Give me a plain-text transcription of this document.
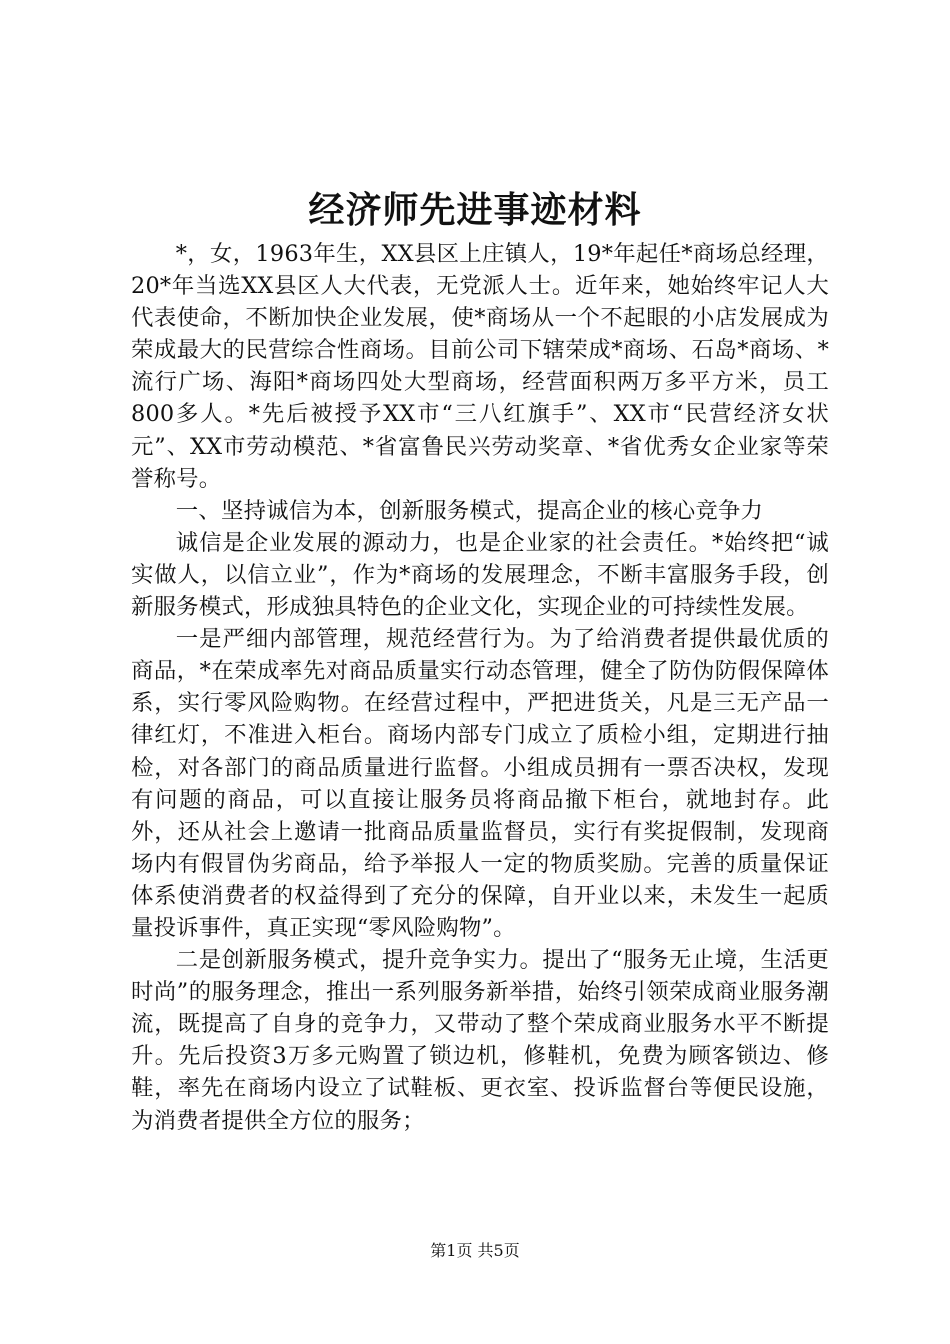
经济师先进事迹材料

*，女，1963年生，XX县区上庄镇人，19*年起任*商场总经理，20*年当选XX县区人大代表，无党派人士。近年来，她始终牢记人大代表使命，不断加快企业发展，使*商场从一个不起眼的小店发展成为荣成最大的民营综合性商场。目前公司下辖荣成*商场、石岛*商场、*流行广场、海阳*商场四处大型商场，经营面积两万多平方米，员工800多人。*先后被授予XX市“三八红旗手”、XX市“民营经济女状元”、XX市劳动模范、*省富鲁民兴劳动奖章、*省优秀女企业家等荣誉称号。

一、坚持诚信为本，创新服务模式，提高企业的核心竞争力

诚信是企业发展的源动力，也是企业家的社会责任。*始终把“诚实做人，以信立业”，作为*商场的发展理念，不断丰富服务手段，创新服务模式，形成独具特色的企业文化，实现企业的可持续性发展。

一是严细内部管理，规范经营行为。为了给消费者提供最优质的商品，*在荣成率先对商品质量实行动态管理，健全了防伪防假保障体系，实行零风险购物。在经营过程中，严把进货关，凡是三无产品一律红灯，不准进入柜台。商场内部专门成立了质检小组，定期进行抽检，对各部门的商品质量进行监督。小组成员拥有一票否决权，发现有问题的商品，可以直接让服务员将商品撤下柜台，就地封存。此外，还从社会上邀请一批商品质量监督员，实行有奖捉假制，发现商场内有假冒伪劣商品，给予举报人一定的物质奖励。完善的质量保证体系使消费者的权益得到了充分的保障，自开业以来，未发生一起质量投诉事件，真正实现“零风险购物”。

二是创新服务模式，提升竞争实力。提出了“服务无止境，生活更时尚”的服务理念，推出一系列服务新举措，始终引领荣成商业服务潮流，既提高了自身的竞争力，又带动了整个荣成商业服务水平不断提升。先后投资3万多元购置了锁边机，修鞋机，免费为顾客锁边、修鞋，率先在商场内设立了试鞋板、更衣室、投诉监督台等便民设施，为消费者提供全方位的服务；

第1页 共5页
